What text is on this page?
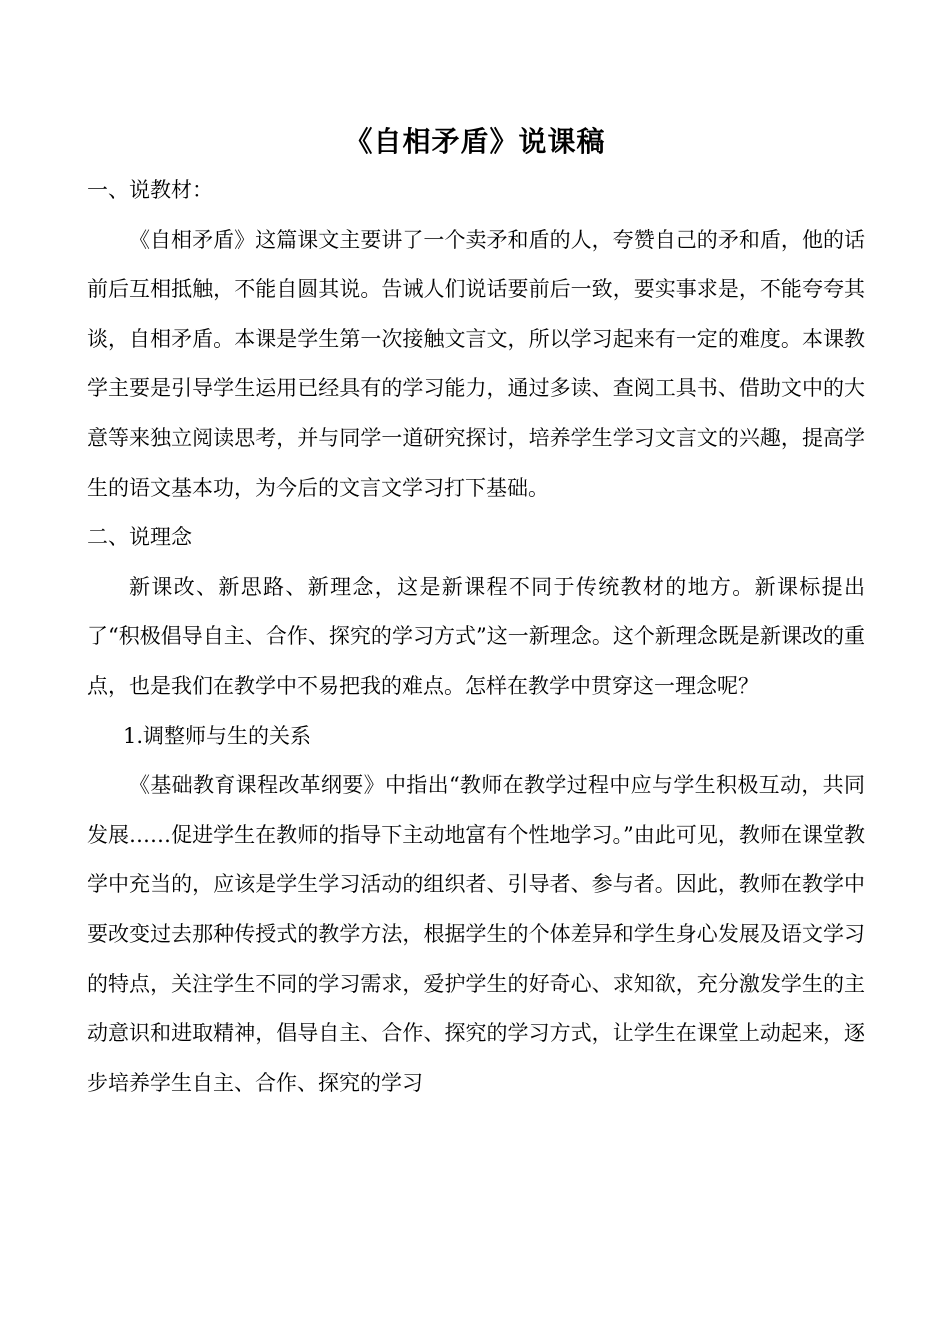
《自相矛盾》说课稿

一、说教材：

《自相矛盾》这篇课文主要讲了一个卖矛和盾的人，夸赞自己的矛和盾，他的话前后互相抵触，不能自圆其说。告诫人们说话要前后一致，要实事求是，不能夸夸其谈，自相矛盾。本课是学生第一次接触文言文，所以学习起来有一定的难度。本课教学主要是引导学生运用已经具有的学习能力，通过多读、查阅工具书、借助文中的大意等来独立阅读思考，并与同学一道研究探讨，培养学生学习文言文的兴趣，提高学生的语文基本功，为今后的文言文学习打下基础。

二、说理念

新课改、新思路、新理念，这是新课程不同于传统教材的地方。新课标提出了“积极倡导自主、合作、探究的学习方式”这一新理念。这个新理念既是新课改的重点，也是我们在教学中不易把我的难点。怎样在教学中贯穿这一理念呢？

1.调整师与生的关系

《基础教育课程改革纲要》中指出“教师在教学过程中应与学生积极互动，共同发展……促进学生在教师的指导下主动地富有个性地学习。”由此可见，教师在课堂教学中充当的，应该是学生学习活动的组织者、引导者、参与者。因此，教师在教学中要改变过去那种传授式的教学方法，根据学生的个体差异和学生身心发展及语文学习的特点，关注学生不同的学习需求，爱护学生的好奇心、求知欲，充分激发学生的主动意识和进取精神，倡导自主、合作、探究的学习方式，让学生在课堂上动起来，逐步培养学生自主、合作、探究的学习
